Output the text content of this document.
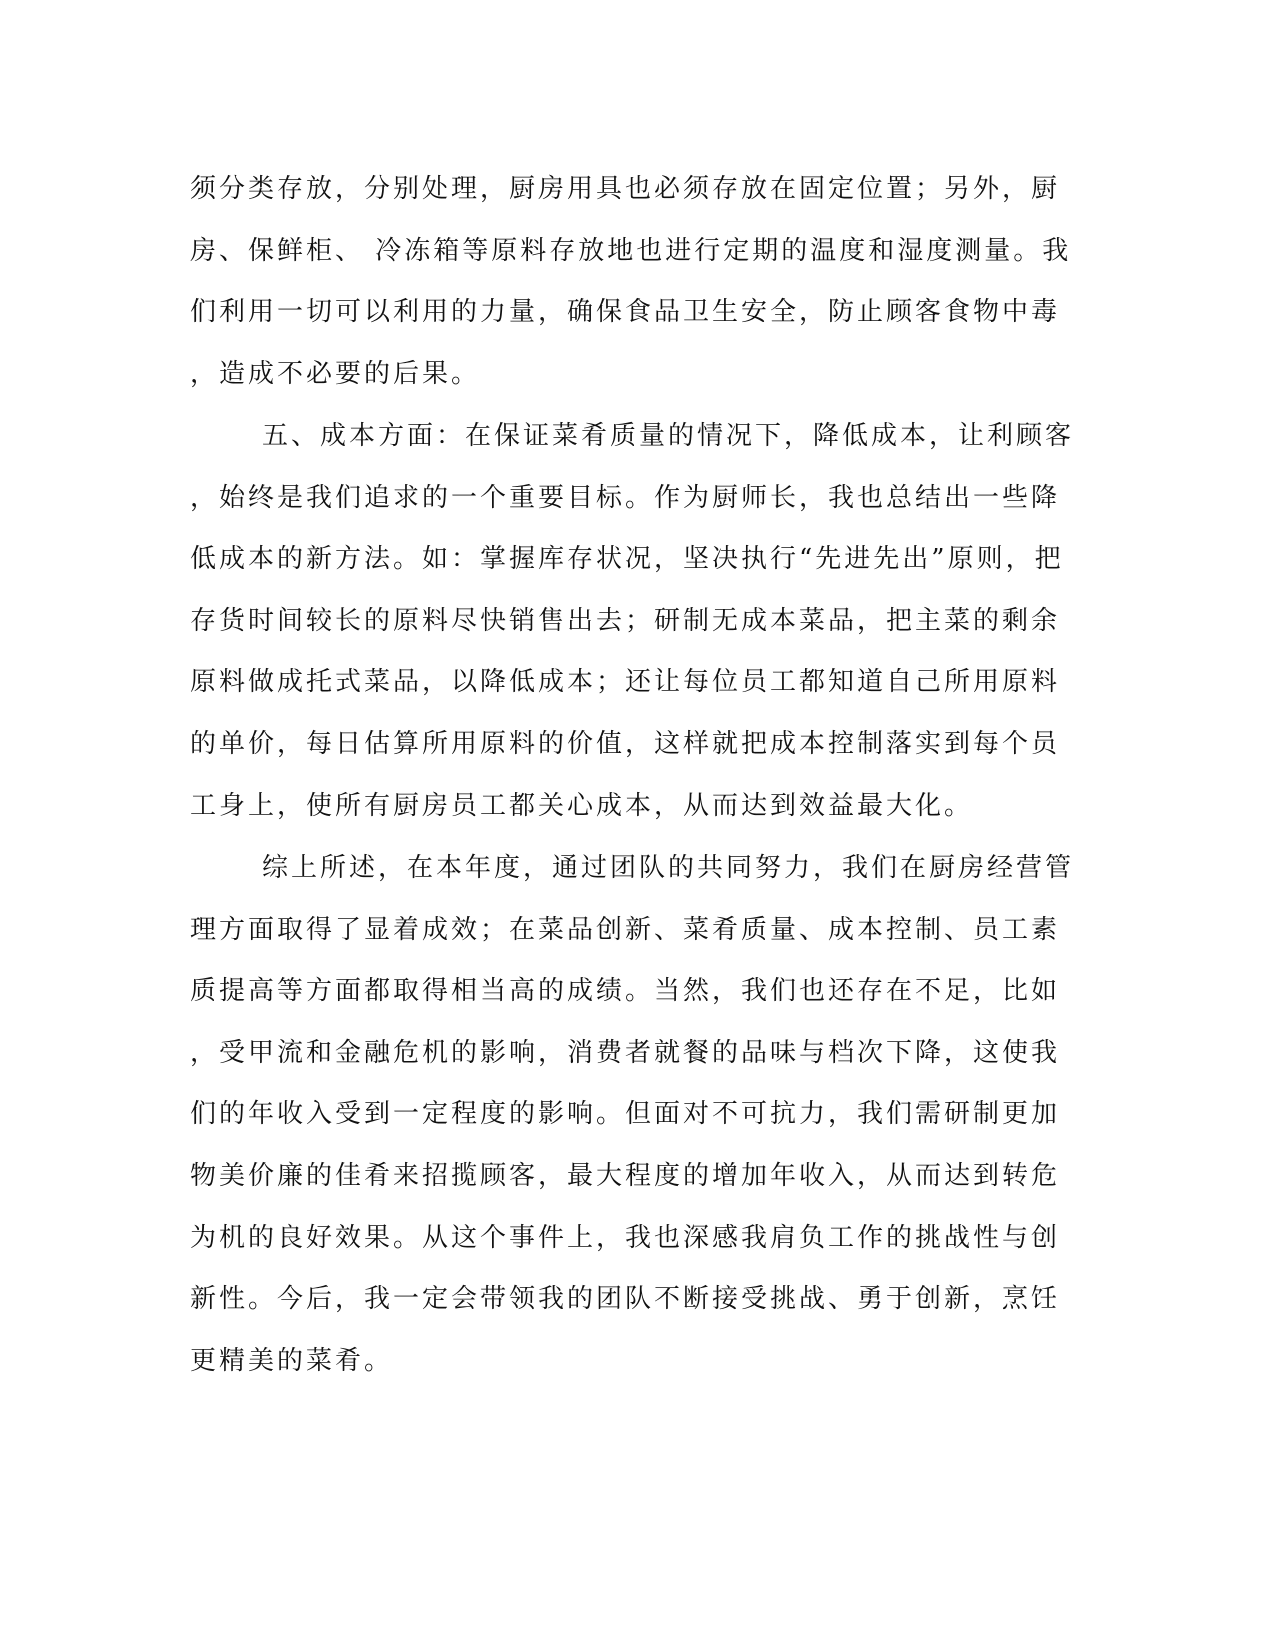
须分类存放，分别处理，厨房用具也必须存放在固定位置；另外，厨
房、保鲜柜、 冷冻箱等原料存放地也进行定期的温度和湿度测量。我
们利用一切可以利用的力量，确保食品卫生安全，防止顾客食物中毒
，造成不必要的后果。
五、成本方面：在保证菜肴质量的情况下，降低成本，让利顾客
，始终是我们追求的一个重要目标。作为厨师长，我也总结出一些降
低成本的新方法。如：掌握库存状况，坚决执行“先进先出”原则，把
存货时间较长的原料尽快销售出去；研制无成本菜品，把主菜的剩余
原料做成托式菜品，以降低成本；还让每位员工都知道自己所用原料
的单价，每日估算所用原料的价值，这样就把成本控制落实到每个员
工身上，使所有厨房员工都关心成本，从而达到效益最大化。
综上所述，在本年度，通过团队的共同努力，我们在厨房经营管
理方面取得了显着成效；在菜品创新、菜肴质量、成本控制、员工素
质提高等方面都取得相当高的成绩。当然，我们也还存在不足，比如
，受甲流和金融危机的影响，消费者就餐的品味与档次下降，这使我
们的年收入受到一定程度的影响。但面对不可抗力，我们需研制更加
物美价廉的佳肴来招揽顾客，最大程度的增加年收入，从而达到转危
为机的良好效果。从这个事件上，我也深感我肩负工作的挑战性与创
新性。今后，我一定会带领我的团队不断接受挑战、勇于创新，烹饪
更精美的菜肴。
